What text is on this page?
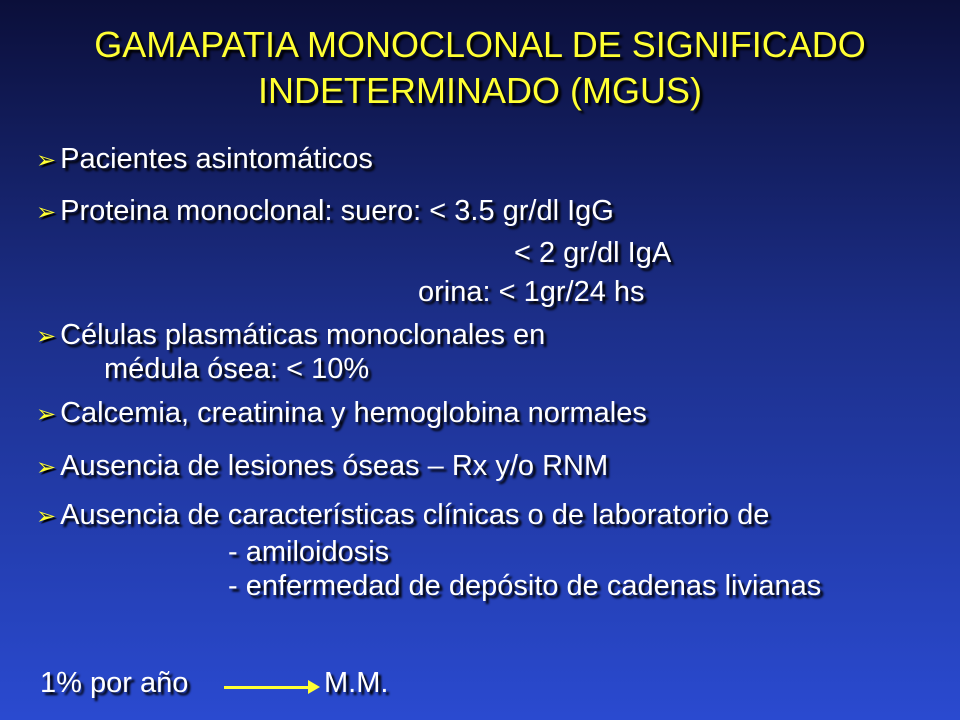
GAMAPATIA MONOCLONAL DE SIGNIFICADO
INDETERMINADO (MGUS)
➢ Pacientes asintomáticos
➢ Proteina monoclonal: suero: < 3.5 gr/dl IgG
< 2 gr/dl IgA
orina: < 1gr/24 hs
➢ Células plasmáticas monoclonales en
médula ósea: < 10%
➢ Calcemia, creatinina y hemoglobina normales
➢ Ausencia de lesiones óseas – Rx y/o RNM
➢ Ausencia de características clínicas o de laboratorio de
- amiloidosis
- enfermedad de depósito de cadenas livianas
1% por año	M.M.
